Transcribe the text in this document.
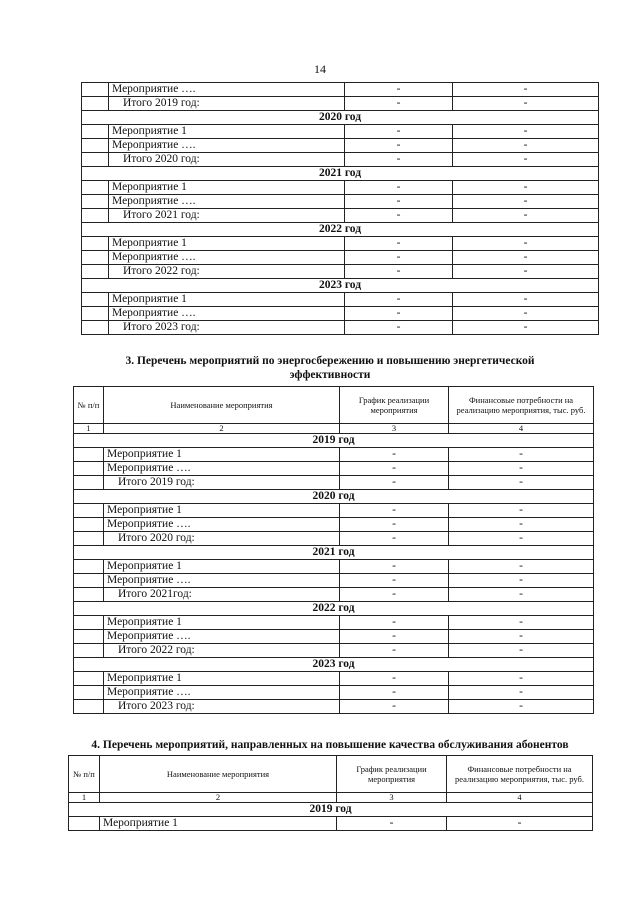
14
	Мероприятие ….	-	-
	Итого 2019 год:	-	-
2020 год			
	Мероприятие 1	-	-
	Мероприятие ….	-	-
	Итого 2020 год:	-	-
2021 год			
	Мероприятие 1	-	-
	Мероприятие ….	-	-
	Итого 2021 год:	-	-
2022 год			
	Мероприятие 1	-	-
	Мероприятие ….	-	-
	Итого 2022 год:	-	-
2023 год			
	Мероприятие 1	-	-
	Мероприятие ….	-	-
	Итого 2023 год:	-	-
3. Перечень мероприятий по энергосбережению и повышению энергетической
эффективности
№ п/п	Наименование мероприятия	График реализации мероприятия	Финансовые потребности на реализацию мероприятия, тыс. руб.
1	2	3	4
2019 год			
	Мероприятие 1	-	-
	Мероприятие ….	-	-
	Итого 2019 год:	-	-
2020 год			
	Мероприятие 1	-	-
	Мероприятие ….	-	-
	Итого 2020 год:	-	-
2021 год			
	Мероприятие 1	-	-
	Мероприятие ….	-	-
	Итого 2021год:	-	-
2022 год			
	Мероприятие 1	-	-
	Мероприятие ….	-	-
	Итого 2022 год:	-	-
2023 год			
	Мероприятие 1	-	-
	Мероприятие ….	-	-
	Итого 2023 год:	-	-
4. Перечень мероприятий, направленных на повышение качества обслуживания абонентов
№ п/п	Наименование мероприятия	График реализации мероприятия	Финансовые потребности на реализацию мероприятия, тыс. руб.
1	2	3	4
2019 год			
	Мероприятие 1	-	-
